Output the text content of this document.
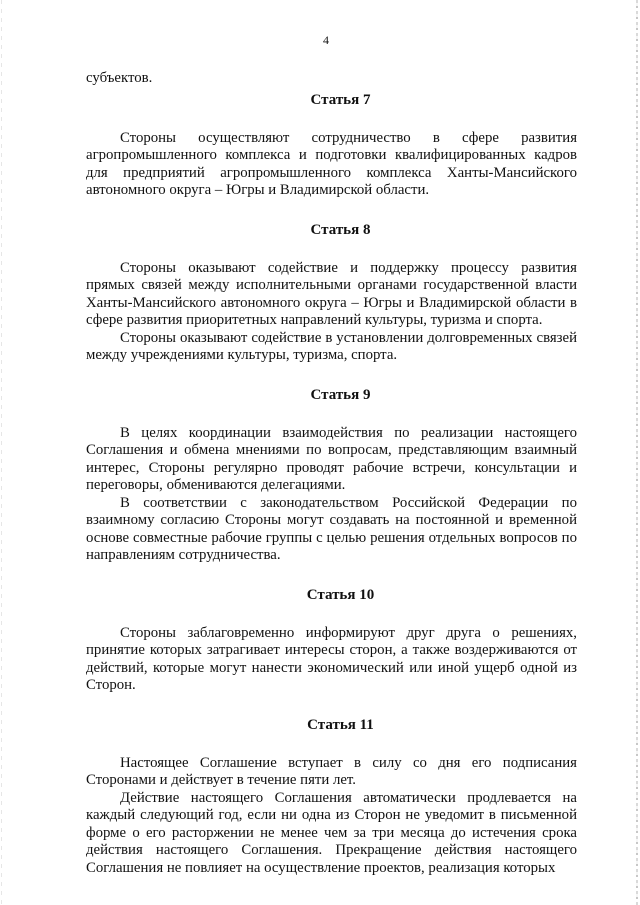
4

субъектов.

Статья 7

Стороны осуществляют сотрудничество в сфере развития агропромышленного комплекса и подготовки квалифицированных кадров для предприятий агропромышленного комплекса Ханты-Мансийского автономного округа – Югры и Владимирской области.

Статья 8

Стороны оказывают содействие и поддержку процессу развития прямых связей между исполнительными органами государственной власти Ханты-Мансийского автономного округа – Югры и Владимирской области в сфере развития приоритетных направлений культуры, туризма и спорта.

Стороны оказывают содействие в установлении долговременных связей между учреждениями культуры, туризма, спорта.

Статья 9

В целях координации взаимодействия по реализации настоящего Соглашения и обмена мнениями по вопросам, представляющим взаимный интерес, Стороны регулярно проводят рабочие встречи, консультации и переговоры, обмениваются делегациями.

В соответствии с законодательством Российской Федерации по взаимному согласию Стороны могут создавать на постоянной и временной основе совместные рабочие группы с целью решения отдельных вопросов по направлениям сотрудничества.

Статья 10

Стороны заблаговременно информируют друг друга о решениях, принятие которых затрагивает интересы сторон, а также воздерживаются от действий, которые могут нанести экономический или иной ущерб одной из Сторон.

Статья 11

Настоящее Соглашение вступает в силу со дня его подписания Сторонами и действует в течение пяти лет.

Действие настоящего Соглашения автоматически продлевается на каждый следующий год, если ни одна из Сторон не уведомит в письменной форме о его расторжении не менее чем за три месяца до истечения срока действия настоящего Соглашения. Прекращение действия настоящего Соглашения не повлияет на осуществление проектов, реализация которых
